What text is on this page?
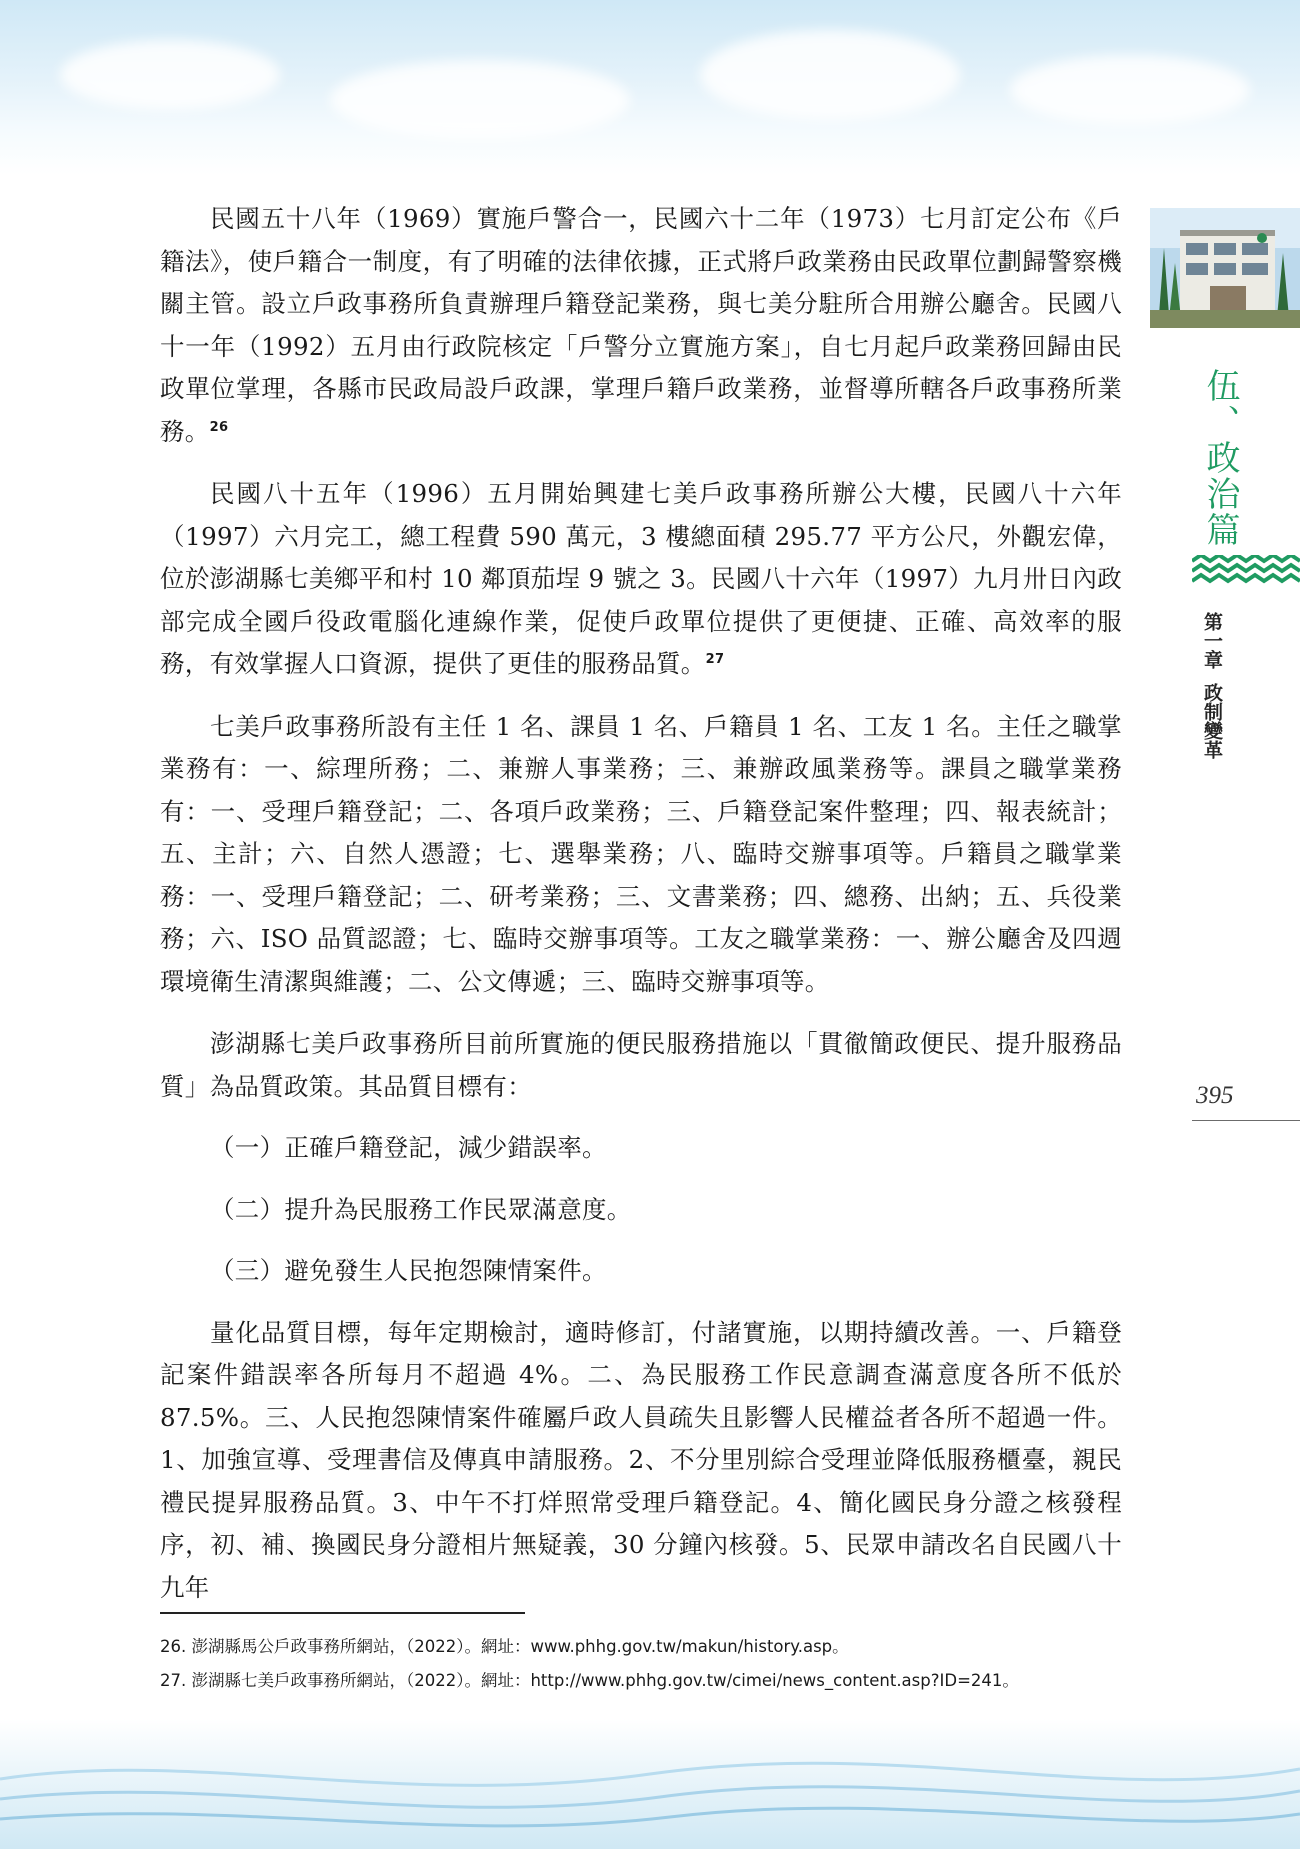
伍、政治篇
第一章政制變革
395

民國五十八年（1969）實施戶警合一，民國六十二年（1973）七月訂定公布《戶籍法》，使戶籍合一制度，有了明確的法律依據，正式將戶政業務由民政單位劃歸警察機關主管。設立戶政事務所負責辦理戶籍登記業務，與七美分駐所合用辦公廳舍。民國八十一年（1992）五月由行政院核定「戶警分立實施方案」，自七月起戶政業務回歸由民政單位掌理，各縣市民政局設戶政課，掌理戶籍戶政業務，並督導所轄各戶政事務所業務。$^{26}$

民國八十五年（1996）五月開始興建七美戶政事務所辦公大樓，民國八十六年（1997）六月完工，總工程費 590 萬元，3 樓總面積 295.77 平方公尺，外觀宏偉，位於澎湖縣七美鄉平和村 10 鄰頂茄埕 9 號之 3。民國八十六年（1997）九月卅日內政部完成全國戶役政電腦化連線作業，促使戶政單位提供了更便捷、正確、高效率的服務，有效掌握人口資源，提供了更佳的服務品質。$^{27}$

七美戶政事務所設有主任 1 名、課員 1 名、戶籍員 1 名、工友 1 名。主任之職掌業務有：一、綜理所務；二、兼辦人事業務；三、兼辦政風業務等。課員之職掌業務有：一、受理戶籍登記；二、各項戶政業務；三、戶籍登記案件整理；四、報表統計；五、主計；六、自然人憑證；七、選舉業務；八、臨時交辦事項等。戶籍員之職掌業務：一、受理戶籍登記；二、研考業務；三、文書業務；四、總務、出納；五、兵役業務；六、ISO 品質認證；七、臨時交辦事項等。工友之職掌業務：一、辦公廳舍及四週環境衛生清潔與維護；二、公文傳遞；三、臨時交辦事項等。

澎湖縣七美戶政事務所目前所實施的便民服務措施以「貫徹簡政便民、提升服務品質」為品質政策。其品質目標有：

（一）正確戶籍登記，減少錯誤率。

（二）提升為民服務工作民眾滿意度。

（三）避免發生人民抱怨陳情案件。

量化品質目標，每年定期檢討，適時修訂，付諸實施，以期持續改善。一、戶籍登記案件錯誤率各所每月不超過 4%。二、為民服務工作民意調查滿意度各所不低於 87.5%。三、人民抱怨陳情案件確屬戶政人員疏失且影響人民權益者各所不超過一件。1、加強宣導、受理書信及傳真申請服務。2、不分里別綜合受理並降低服務櫃臺，親民禮民提昇服務品質。3、中午不打烊照常受理戶籍登記。4、簡化國民身分證之核發程序，初、補、換國民身分證相片無疑義，30 分鐘內核發。5、民眾申請改名自民國八十九年

26. 澎湖縣馬公戶政事務所網站，（2022）。網址：www.phhg.gov.tw/makun/history.asp。
27. 澎湖縣七美戶政事務所網站，（2022）。網址：http://www.phhg.gov.tw/cimei/news_content.asp?ID=241。
